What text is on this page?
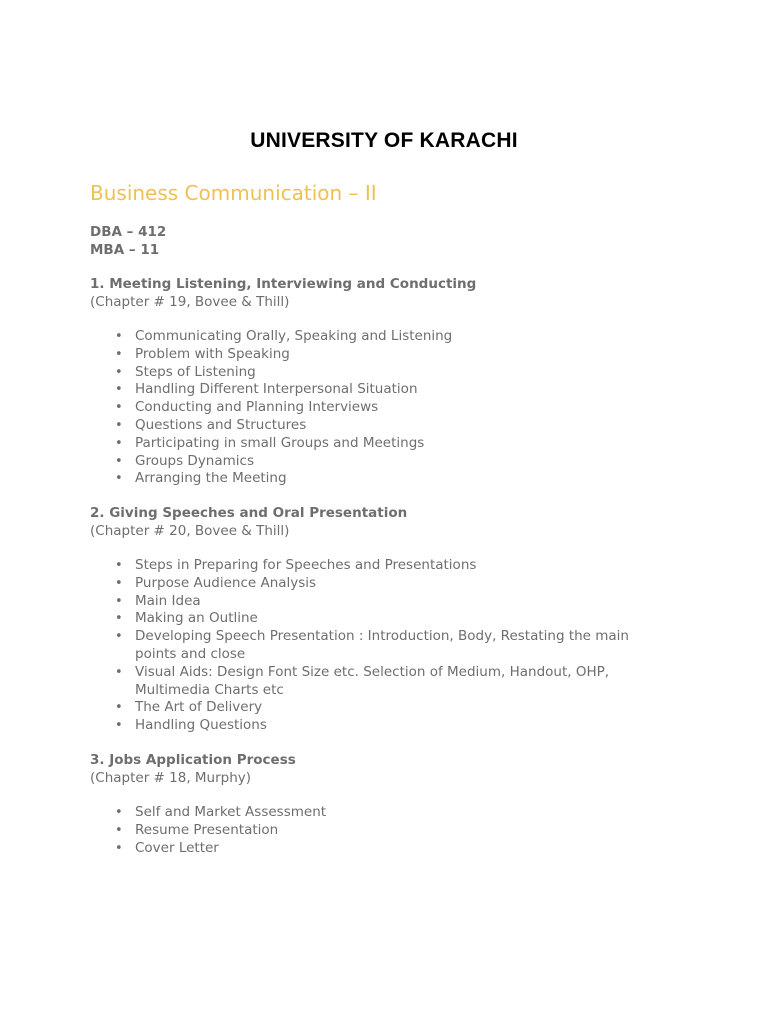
UNIVERSITY OF KARACHI
Business Communication – II
DBA – 412
MBA – 11
1. Meeting Listening, Interviewing and Conducting
(Chapter # 19, Bovee & Thill)
• Communicating Orally, Speaking and Listening
• Problem with Speaking
• Steps of Listening
• Handling Different Interpersonal Situation
• Conducting and Planning Interviews
• Questions and Structures
• Participating in small Groups and Meetings
• Groups Dynamics
• Arranging the Meeting
2. Giving Speeches and Oral Presentation
(Chapter # 20, Bovee & Thill)
• Steps in Preparing for Speeches and Presentations
• Purpose Audience Analysis
• Main Idea
• Making an Outline
• Developing Speech Presentation : Introduction, Body, Restating the main points and close
• Visual Aids: Design Font Size etc. Selection of Medium, Handout, OHP, Multimedia Charts etc
• The Art of Delivery
• Handling Questions
3. Jobs Application Process
(Chapter # 18, Murphy)
• Self and Market Assessment
• Resume Presentation
• Cover Letter
